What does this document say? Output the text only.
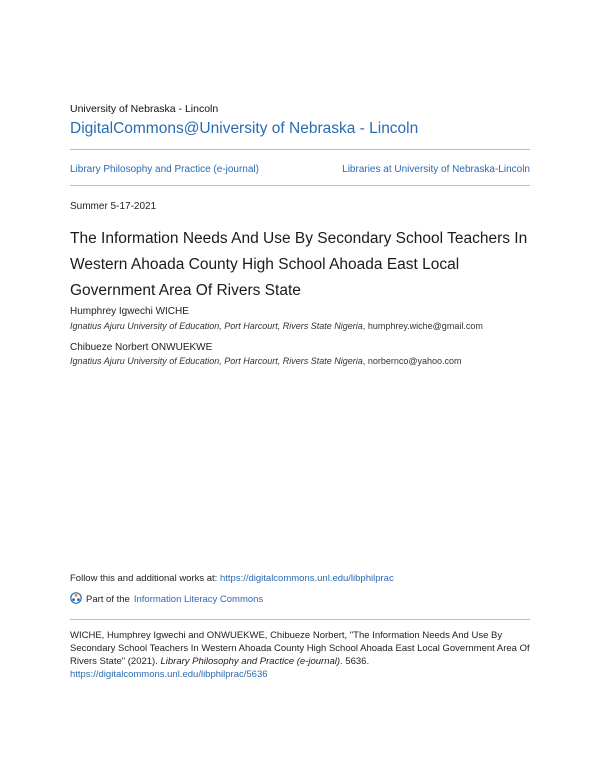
University of Nebraska - Lincoln
DigitalCommons@University of Nebraska - Lincoln
Library Philosophy and Practice (e-journal)	Libraries at University of Nebraska-Lincoln
Summer 5-17-2021
The Information Needs And Use By Secondary School Teachers In Western Ahoada County High School Ahoada East Local Government Area Of Rivers State
Humphrey Igwechi WICHE
Ignatius Ajuru University of Education, Port Harcourt, Rivers State Nigeria, humphrey.wiche@gmail.com
Chibueze Norbert ONWUEKWE
Ignatius Ajuru University of Education, Port Harcourt, Rivers State Nigeria, norbernco@yahoo.com
Follow this and additional works at: https://digitalcommons.unl.edu/libphilprac
Part of the Information Literacy Commons
WICHE, Humphrey Igwechi and ONWUEKWE, Chibueze Norbert, "The Information Needs And Use By Secondary School Teachers In Western Ahoada County High School Ahoada East Local Government Area Of Rivers State" (2021). Library Philosophy and Practice (e-journal). 5636.
https://digitalcommons.unl.edu/libphilprac/5636
